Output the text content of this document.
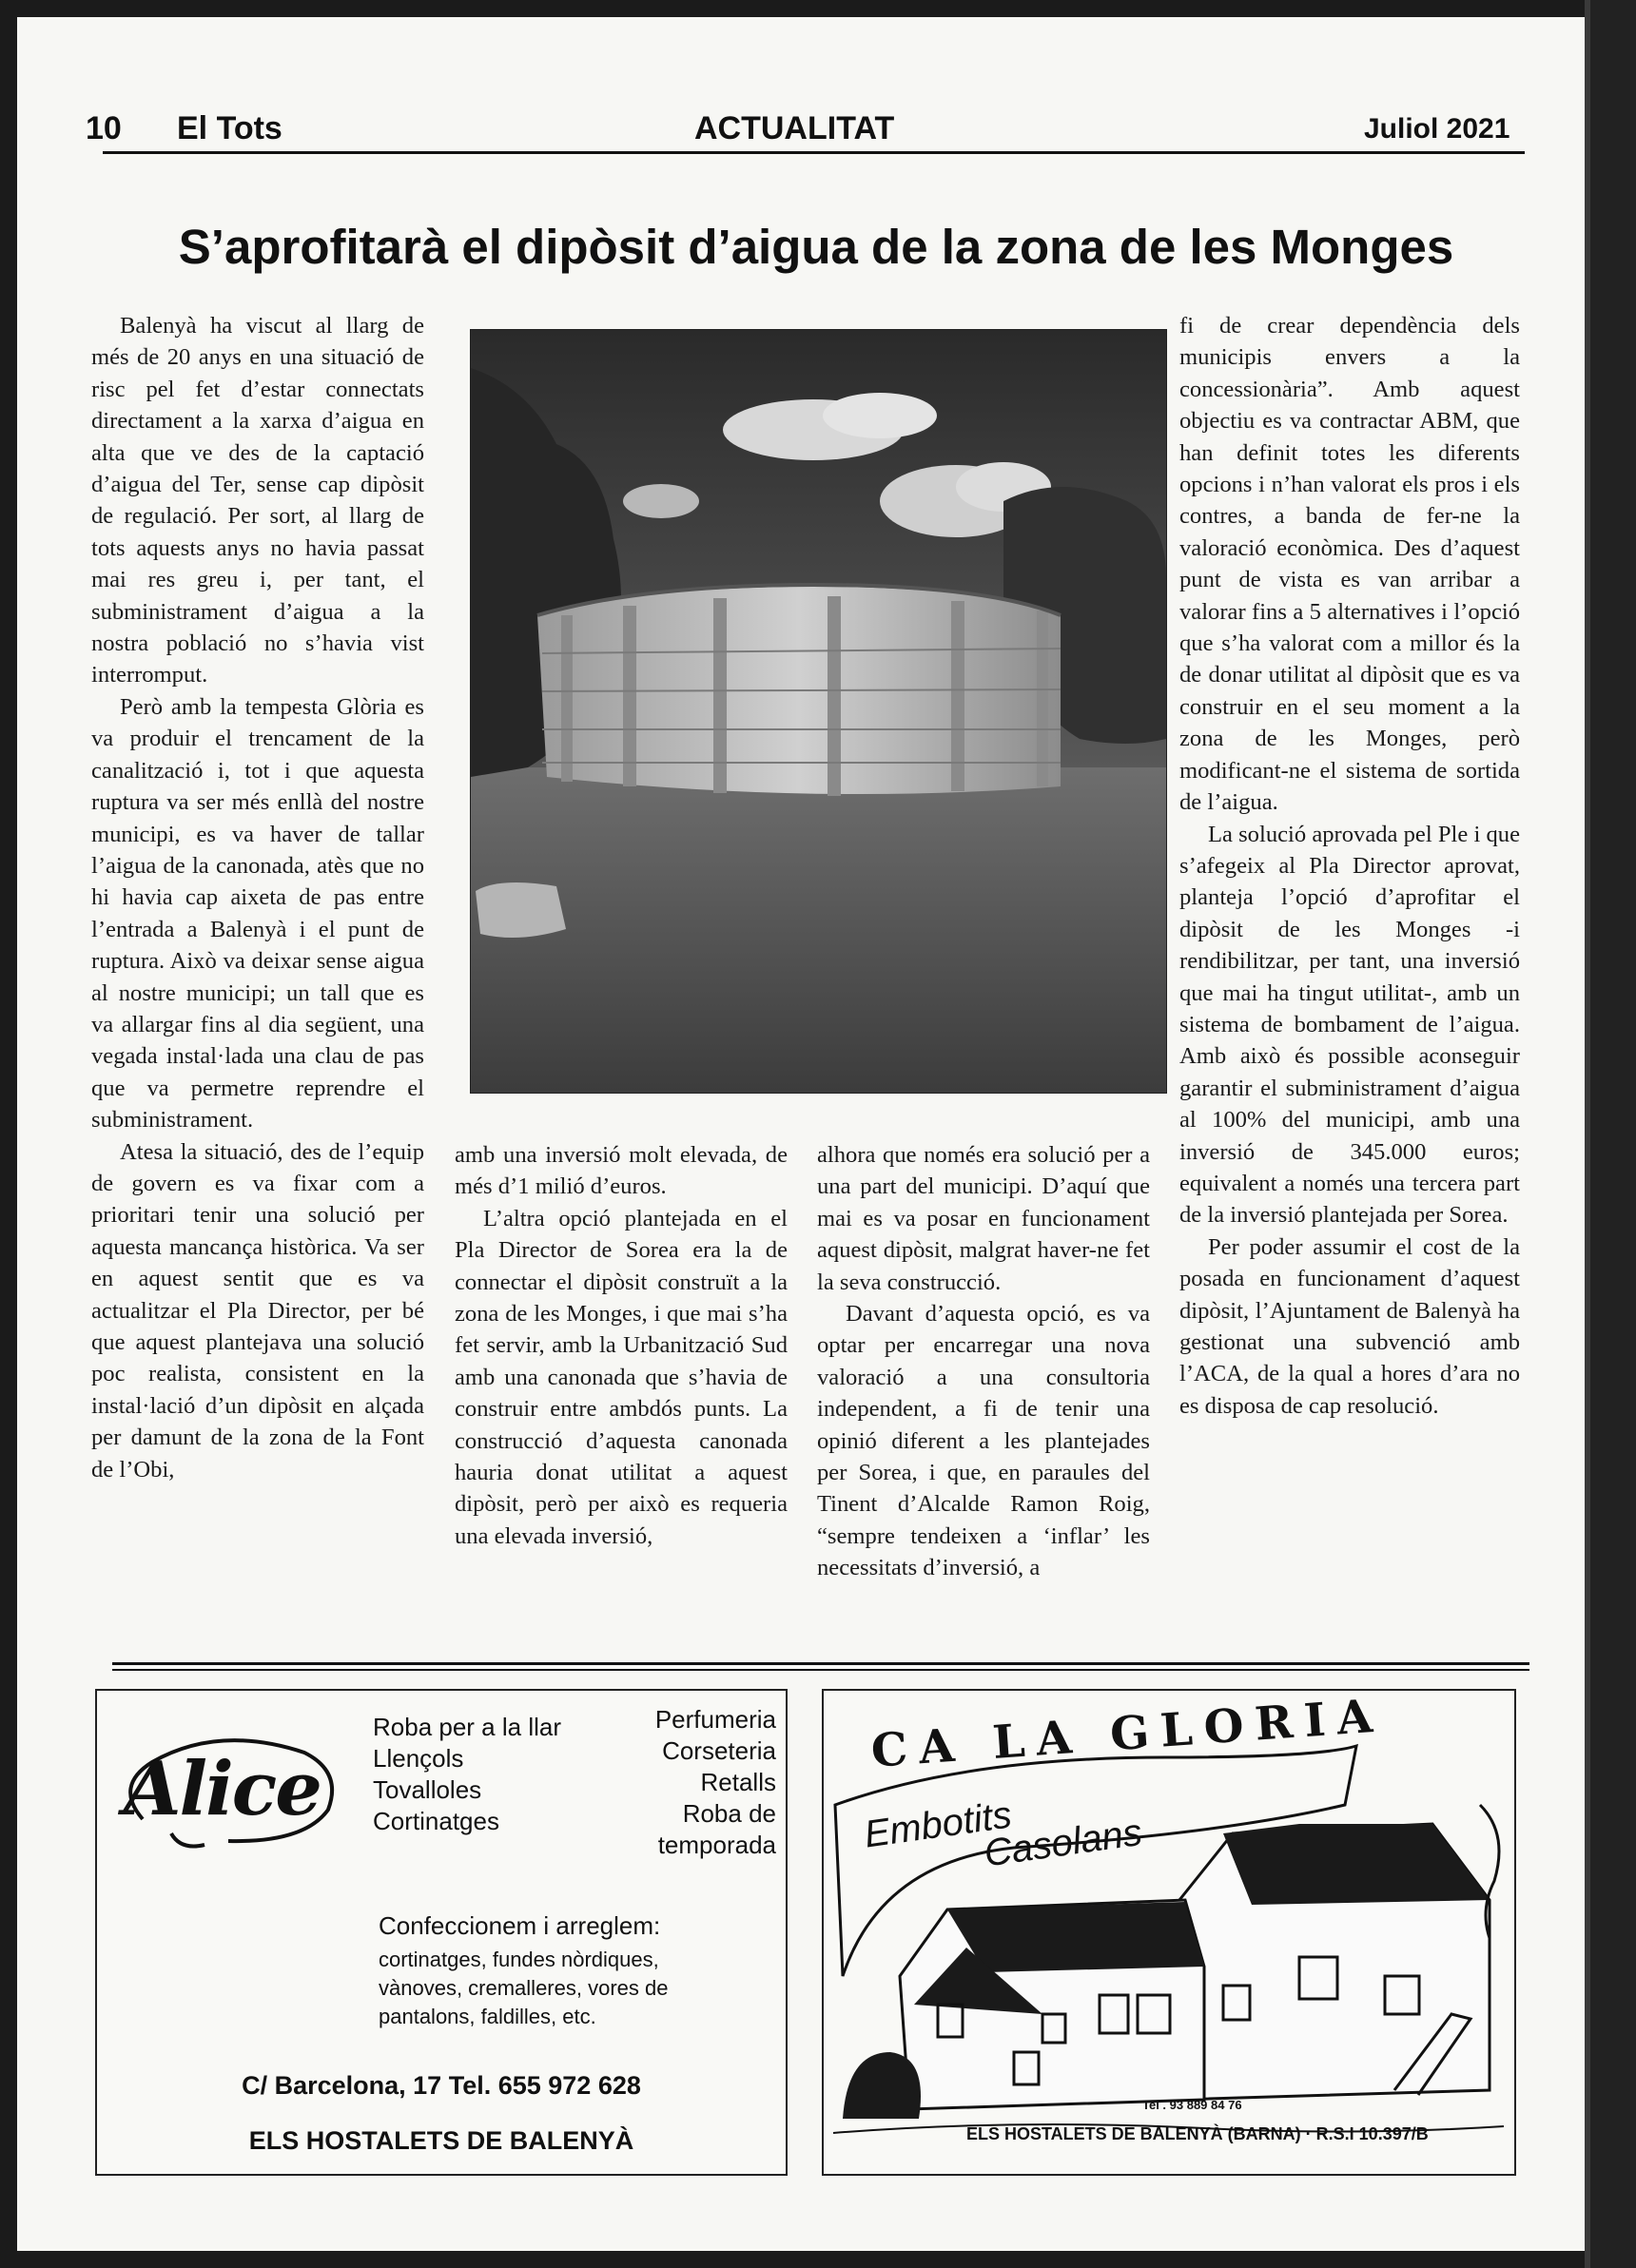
10 El Tots	ACTUALITAT	Juliol 2021
S’aprofitarà el dipòsit d’aigua de la zona de les Monges

Balenyà ha viscut al llarg de més de 20 anys en una situació de risc pel fet d’estar connectats directament a la xarxa d’aigua en alta que ve des de la captació d’aigua del Ter, sense cap dipòsit de regulació. Per sort, al llarg de tots aquests anys no havia passat mai res greu i, per tant, el subministrament d’aigua a la nostra població no s’havia vist interromput.

Però amb la tempesta Glòria es va produir el trencament de la canalització i, tot i que aquesta ruptura va ser més enllà del nostre municipi, es va haver de tallar l’aigua de la canonada, atès que no hi havia cap aixeta de pas entre l’entrada a Balenyà i el punt de ruptura. Això va deixar sense aigua al nostre municipi; un tall que es va allargar fins al dia següent, una vegada instal·lada una clau de pas que va permetre reprendre el subministrament.

Atesa la situació, des de l’equip de govern es va fixar com a prioritari tenir una solució per aquesta mancança històrica. Va ser en aquest sentit que es va actualitzar el Pla Director, per bé que aquest plantejava una solució poc realista, consistent en la instal·lació d’un dipòsit en alçada per damunt de la zona de la Font de l’Obi,

amb una inversió molt elevada, de més d’1 milió d’euros.

L’altra opció plantejada en el Pla Director de Sorea era la de connectar el dipòsit construït a la zona de les Monges, i que mai s’ha fet servir, amb la Urbanització Sud amb una canonada que s’havia de construir entre ambdós punts. La construcció d’aquesta canonada hauria donat utilitat a aquest dipòsit, però per això es requeria una elevada inversió,

alhora que només era solució per a una part del municipi. D’aquí que mai es va posar en funcionament aquest dipòsit, malgrat haver-ne fet la seva construcció.

Davant d’aquesta opció, es va optar per encarregar una nova valoració a una consultoria independent, a fi de tenir una opinió diferent a les plantejades per Sorea, i que, en paraules del Tinent d’Alcalde Ramon Roig, “sempre tendeixen a ‘inflar’ les necessitats d’inversió, a

fi de crear dependència dels municipis envers a la concessionària”. Amb aquest objectiu es va contractar ABM, que han definit totes les diferents opcions i n’han valorat els pros i els contres, a banda de fer-ne la valoració econòmica. Des d’aquest punt de vista es van arribar a valorar fins a 5 alternatives i l’opció que s’ha valorat com a millor és la de donar utilitat al dipòsit que es va construir en el seu moment a la zona de les Monges, però modificant-ne el sistema de sortida de l’aigua.

La solució aprovada pel Ple i que s’afegeix al Pla Director aprovat, planteja l’opció d’aprofitar el dipòsit de les Monges -i rendibilitzar, per tant, una inversió que mai ha tingut utilitat-, amb un sistema de bombament de l’aigua. Amb això és possible aconseguir garantir el subministrament d’aigua al 100% del municipi, amb una inversió de 345.000 euros; equivalent a només una tercera part de la inversió plantejada per Sorea.

Per poder assumir el cost de la posada en funcionament d’aquest dipòsit, l’Ajuntament de Balenyà ha gestionat una subvenció amb l’ACA, de la qual a hores d’ara no es disposa de cap resolució.

Alice
Roba per a la llar
Llençols
Tovalloles
Cortinatges
Perfumeria
Corseteria
Retalls
Roba de
temporada
Confeccionem i arreglem:
cortinatges, fundes nòrdiques,
vànoves, cremalleres, vores de
pantalons, faldilles, etc.
C/ Barcelona, 17 Tel. 655 972 628
ELS HOSTALETS DE BALENYÀ
CA LA GLORIA
Embotits
Casolans
Tel . 93 889 84 76
ELS HOSTALETS DE BALENYÀ (BARNA) · R.S.I 10.397/B
